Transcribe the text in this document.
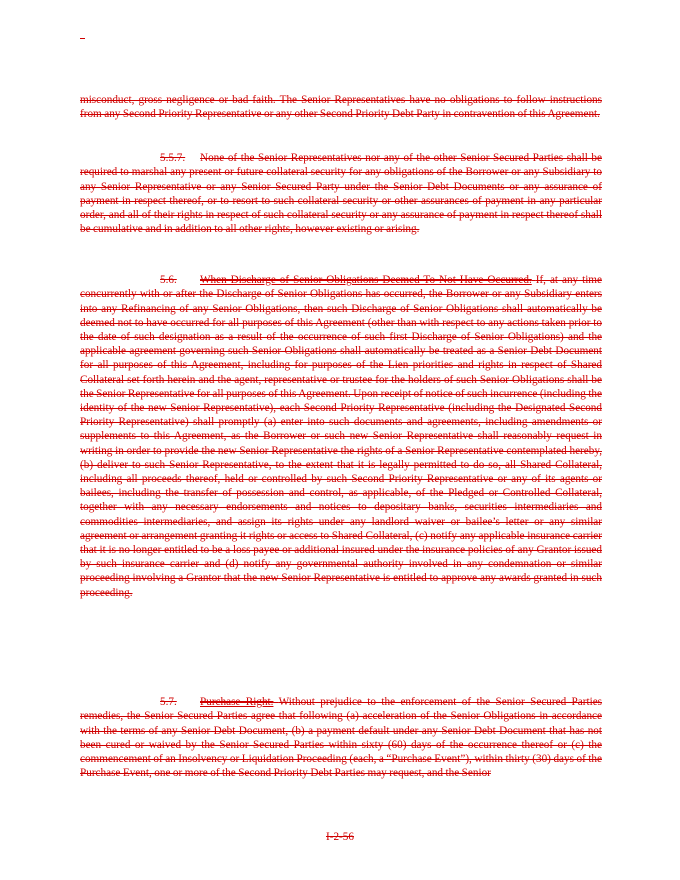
misconduct, gross negligence or bad faith. The Senior Representatives have no obligations to follow instructions from any Second Priority Representative or any other Second Priority Debt Party in contravention of this Agreement.

5.5.7. None of the Senior Representatives nor any of the other Senior Secured Parties shall be required to marshal any present or future collateral security for any obligations of the Borrower or any Subsidiary to any Senior Representative or any Senior Secured Party under the Senior Debt Documents or any assurance of payment in respect thereof, or to resort to such collateral security or other assurances of payment in any particular order, and all of their rights in respect of such collateral security or any assurance of payment in respect thereof shall be cumulative and in addition to all other rights, however existing or arising.

5.6. When Discharge of Senior Obligations Deemed To Not Have Occurred. If, at any time concurrently with or after the Discharge of Senior Obligations has occurred, the Borrower or any Subsidiary enters into any Refinancing of any Senior Obligations, then such Discharge of Senior Obligations shall automatically be deemed not to have occurred for all purposes of this Agreement (other than with respect to any actions taken prior to the date of such designation as a result of the occurrence of such first Discharge of Senior Obligations) and the applicable agreement governing such Senior Obligations shall automatically be treated as a Senior Debt Document for all purposes of this Agreement, including for purposes of the Lien priorities and rights in respect of Shared Collateral set forth herein and the agent, representative or trustee for the holders of such Senior Obligations shall be the Senior Representative for all purposes of this Agreement. Upon receipt of notice of such incurrence (including the identity of the new Senior Representative), each Second Priority Representative (including the Designated Second Priority Representative) shall promptly (a) enter into such documents and agreements, including amendments or supplements to this Agreement, as the Borrower or such new Senior Representative shall reasonably request in writing in order to provide the new Senior Representative the rights of a Senior Representative contemplated hereby, (b) deliver to such Senior Representative, to the extent that it is legally permitted to do so, all Shared Collateral, including all proceeds thereof, held or controlled by such Second Priority Representative or any of its agents or bailees, including the transfer of possession and control, as applicable, of the Pledged or Controlled Collateral, together with any necessary endorsements and notices to depositary banks, securities intermediaries and commodities intermediaries, and assign its rights under any landlord waiver or bailee’s letter or any similar agreement or arrangement granting it rights or access to Shared Collateral, (c) notify any applicable insurance carrier that it is no longer entitled to be a loss payee or additional insured under the insurance policies of any Grantor issued by such insurance carrier and (d) notify any governmental authority involved in any condemnation or similar proceeding involving a Grantor that the new Senior Representative is entitled to approve any awards granted in such proceeding.

5.7. Purchase Right. Without prejudice to the enforcement of the Senior Secured Parties remedies, the Senior Secured Parties agree that following (a) acceleration of the Senior Obligations in accordance with the terms of any Senior Debt Document, (b) a payment default under any Senior Debt Document that has not been cured or waived by the Senior Secured Parties within sixty (60) days of the occurrence thereof or (c) the commencement of an Insolvency or Liquidation Proceeding (each, a “Purchase Event”), within thirty (30) days of the Purchase Event, one or more of the Second Priority Debt Parties may request, and the Senior

I-2-56
